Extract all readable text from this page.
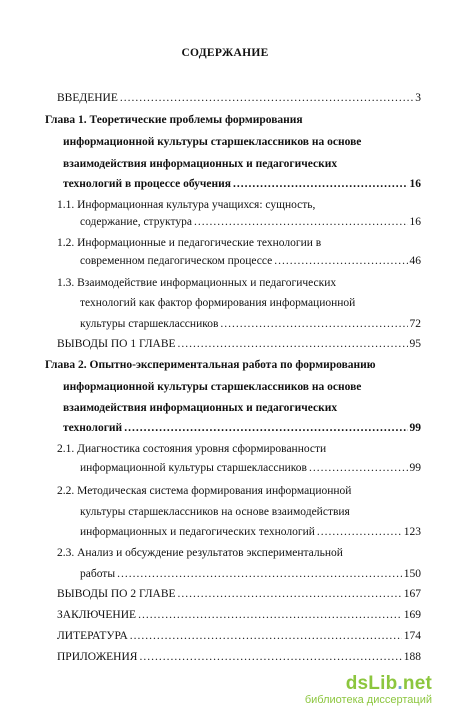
СОДЕРЖАНИЕ
ВВЕДЕНИЕ .....	3
Глава 1. Теоретические проблемы формирования
информационной культуры старшеклассников на основе
взаимодействия информационных и педагогических
технологий в процессе обучения .....	16
1.1. Информационная культура учащихся: сущность,
содержание, структура .....	16
1.2. Информационные и педагогические технологии в
современном педагогическом процессе .....	46
1.3. Взаимодействие информационных и педагогических
технологий как фактор формирования информационной
культуры старшеклассников .....	72
ВЫВОДЫ ПО 1 ГЛАВЕ .....	95
Глава 2. Опытно-экспериментальная работа по формированию
информационной культуры старшеклассников на основе
взаимодействия информационных и педагогических
технологий .....	99
2.1. Диагностика состояния уровня сформированности
информационной культуры старшеклассников .....	99
2.2. Методическая система формирования информационной
культуры старшеклассников на основе взаимодействия
информационных и педагогических технологий .....	123
2.3. Анализ и обсуждение результатов экспериментальной
работы .....	150
ВЫВОДЫ ПО 2 ГЛАВЕ .....	167
ЗАКЛЮЧЕНИЕ .....	169
ЛИТЕРАТУРА .....	174
ПРИЛОЖЕНИЯ .....	188
dsLib.net
библиотека диссертаций
